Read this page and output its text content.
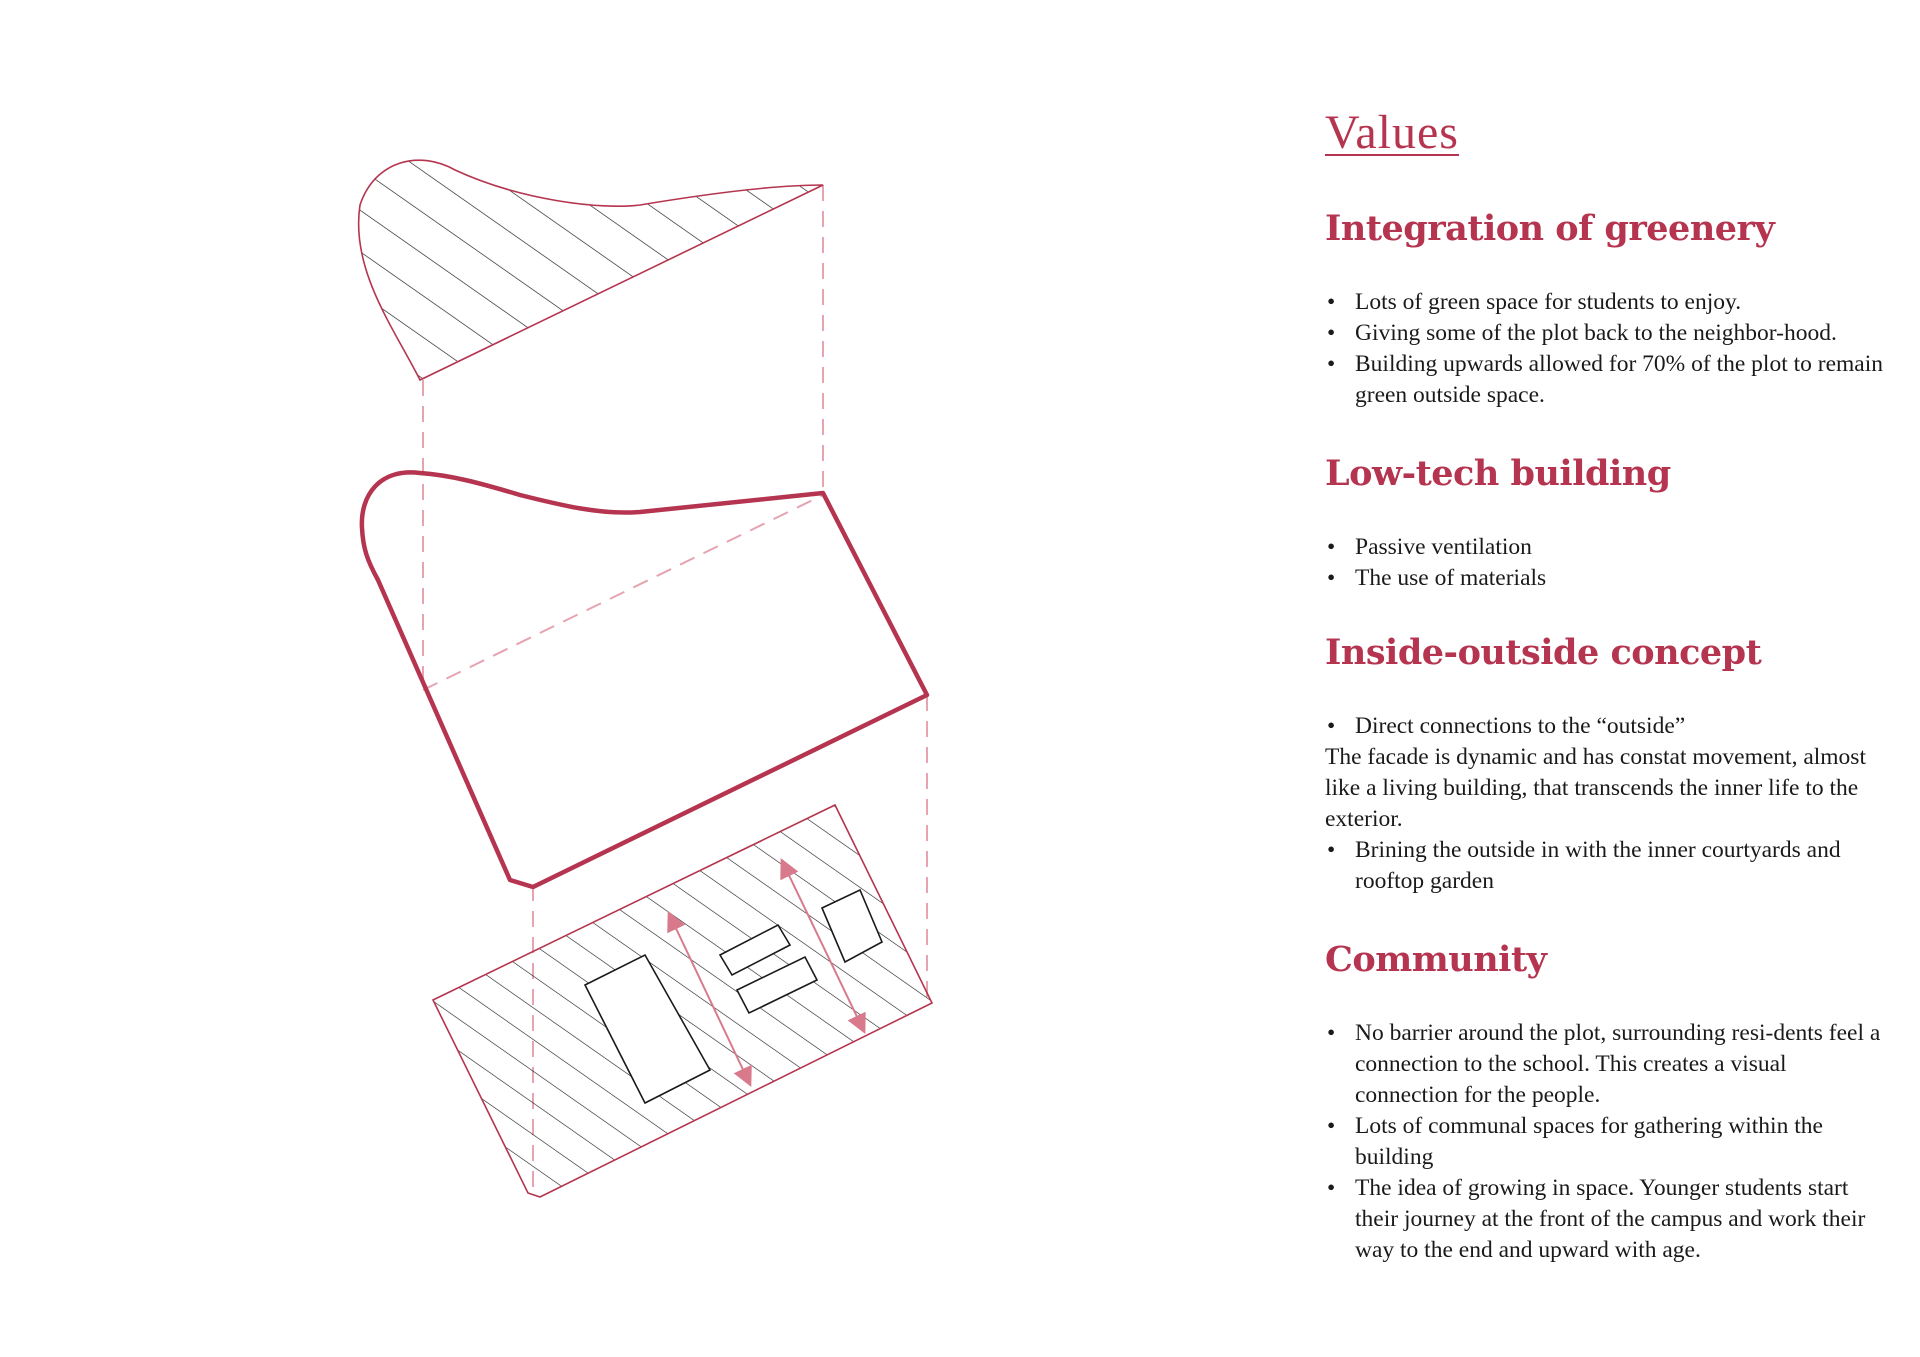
Values
Integration of greenery
• Lots of green space for students to enjoy.
• Giving some of the plot back to the neighbor-hood.
• Building upwards allowed for 70% of the plot to remain green outside space.
Low-tech building
• Passive ventilation
• The use of materials
Inside-outside concept
• Direct connections to the “outside”

The facade is dynamic and has constat movement, almost like a living building, that transcends the inner life to the exterior.

• Brining the outside in with the inner courtyards and rooftop garden
Community
• No barrier around the plot, surrounding resi-dents feel a connection to the school. This creates a visual connection for the people.
• Lots of communal spaces for gathering within the building
• The idea of growing in space. Younger students start their journey at the front of the campus and work their way to the end and upward with age.
